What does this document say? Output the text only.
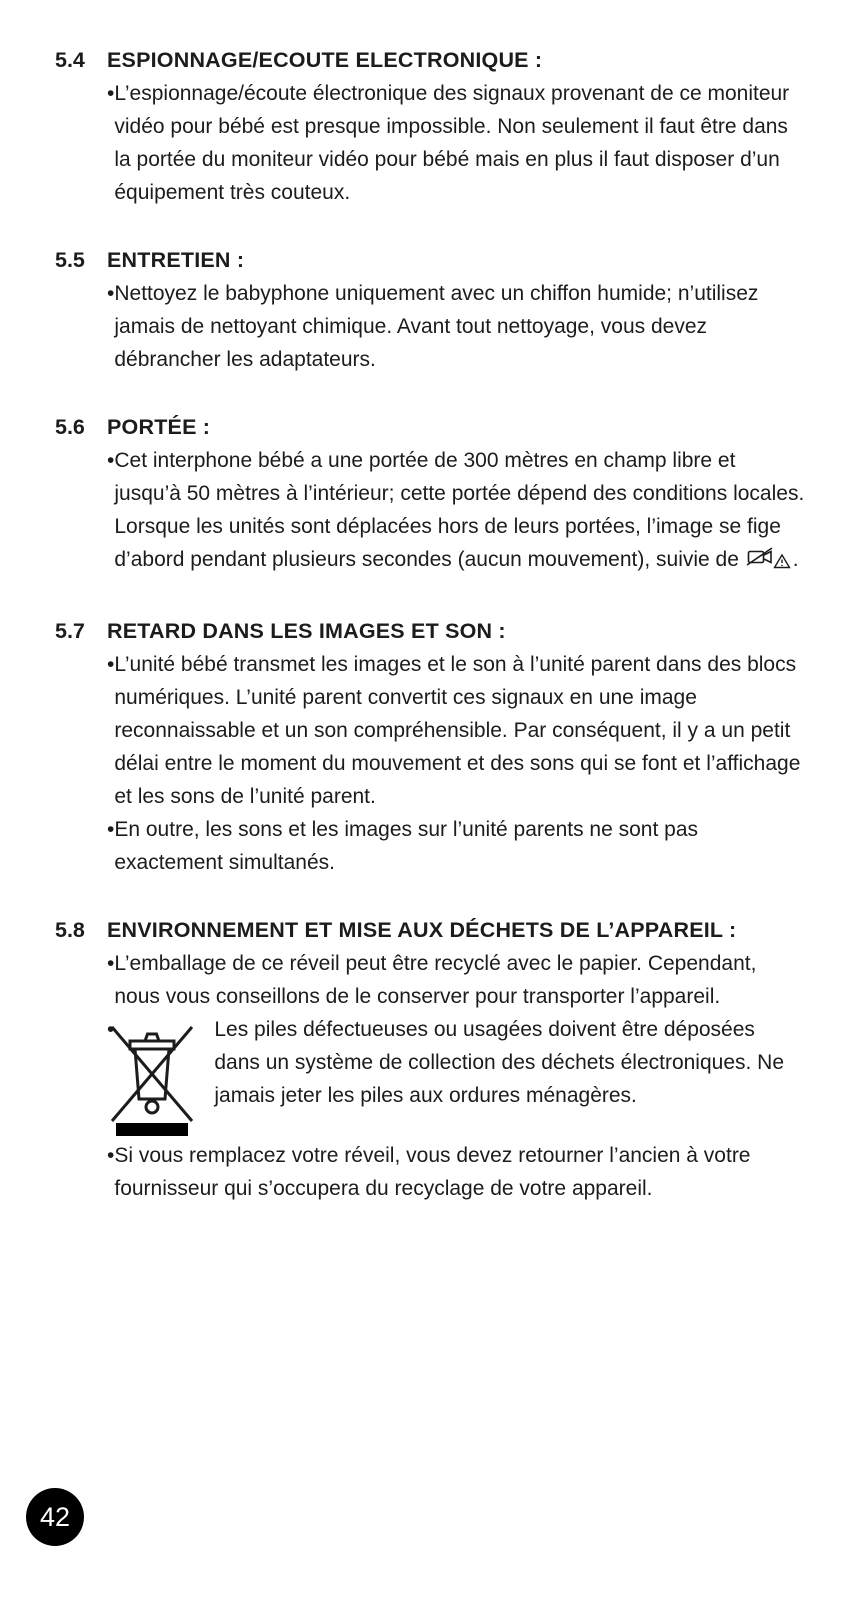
5.4	ESPIONNAGE/ECOUTE ELECTRONIQUE :
• L’espionnage/écoute électronique des signaux provenant de ce moniteur vidéo pour bébé est presque impossible. Non seulement il faut être dans la portée du moniteur vidéo pour bébé mais en plus il faut disposer d’un équipement très couteux.
5.5	ENTRETIEN :
• Nettoyez le babyphone uniquement avec un chiffon humide; n’utilisez jamais de nettoyant chimique. Avant tout nettoyage, vous devez débrancher les adaptateurs.
5.6	PORTÉE :
• Cet interphone bébé a une portée de 300 mètres en champ libre et jusqu’à 50 mètres à l’intérieur; cette portée dépend des conditions locales. Lorsque les unités sont déplacées hors de leurs portées, l’image se fige d’abord pendant plusieurs secondes (aucun mouvement), suivie de .
5.7	RETARD DANS LES IMAGES ET SON :
• L’unité bébé transmet les images et le son à l’unité parent dans des blocs numériques. L’unité parent convertit ces signaux en une image reconnaissable et un son compréhensible. Par conséquent, il y a un petit délai entre le moment du mouvement et des sons qui se font et l’affichage et les sons de l’unité parent.
• En outre, les sons et les images sur l’unité parents ne sont pas exactement simultanés.
5.8	ENVIRONNEMENT ET MISE AUX DÉCHETS DE L’APPAREIL :
• L’emballage de ce réveil peut être recyclé avec le papier. Cependant, nous vous conseillons de le conserver pour transporter l’appareil.
•	Les piles défectueuses ou usagées doivent être déposées dans un système de collection des déchets électroniques. Ne jamais jeter les piles aux ordures ménagères.
• Si vous remplacez votre réveil, vous devez retourner l’ancien à votre fournisseur qui s’occupera du recyclage de votre appareil.
42
